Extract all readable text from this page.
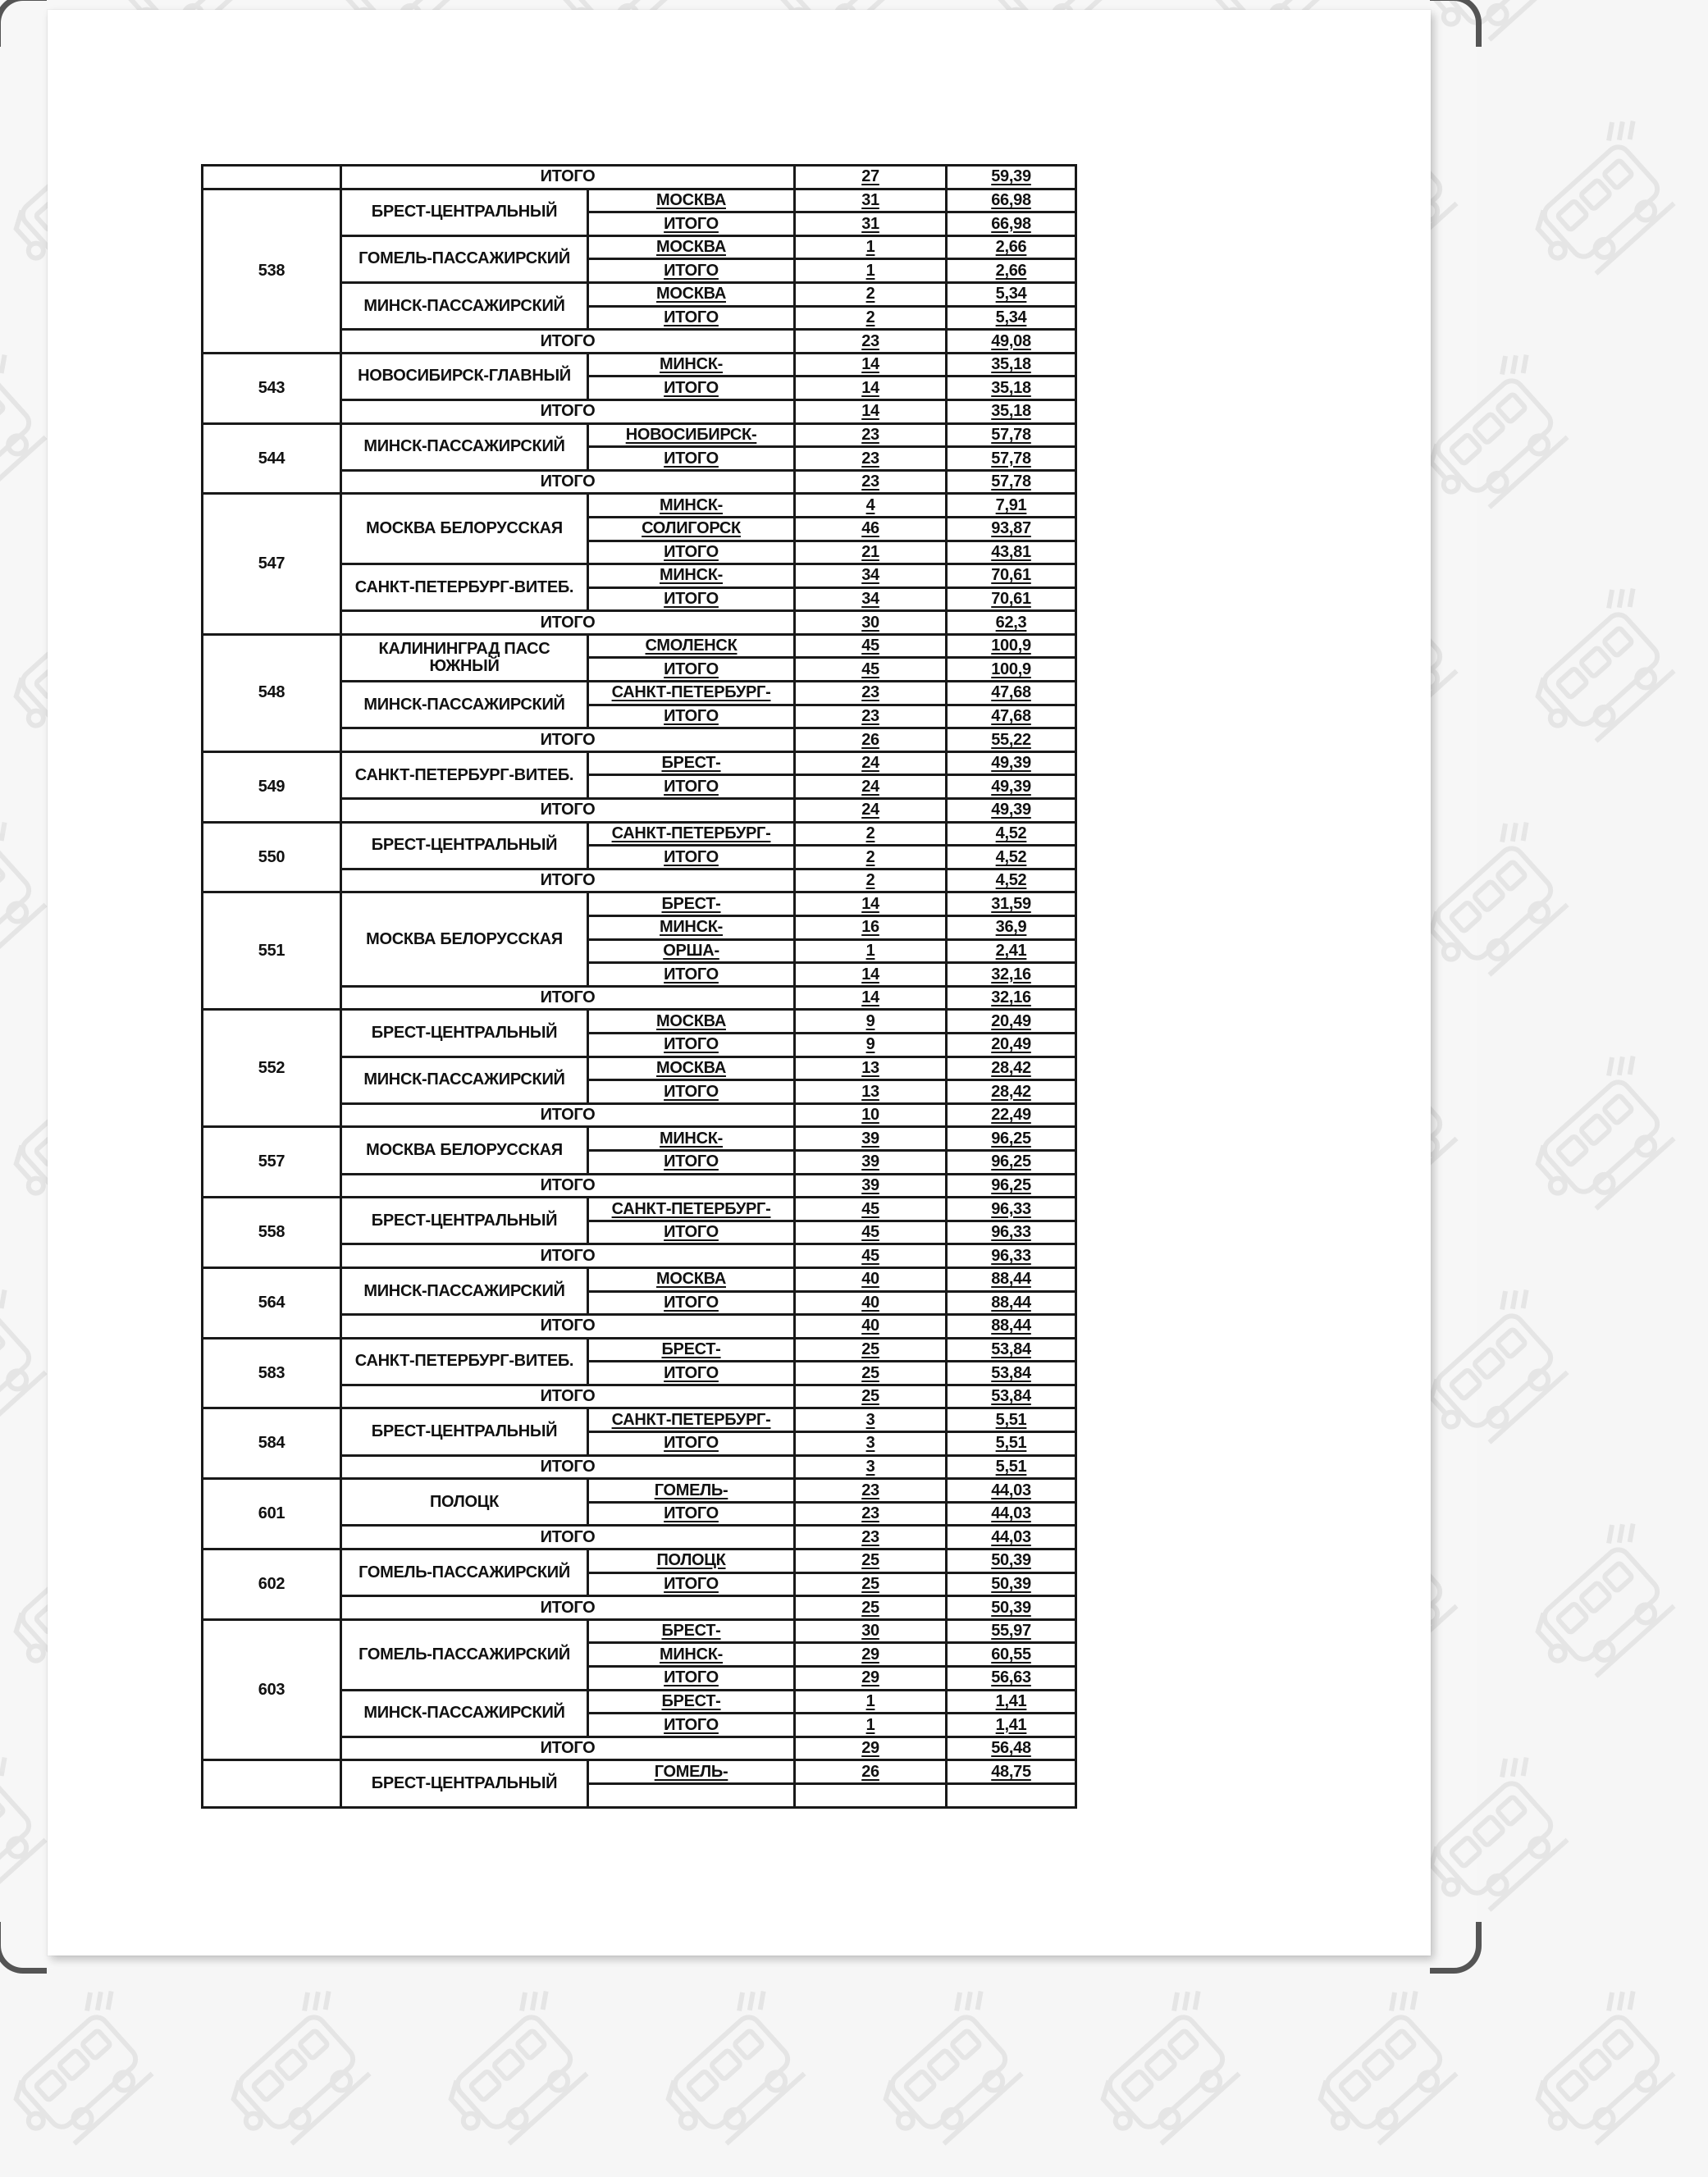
	ИТОГО		27	59,39
538	БРЕСТ-ЦЕНТРАЛЬНЫЙ	МОСКВА	31	66,98
		ИТОГО	31	66,98
	ГОМЕЛЬ-ПАССАЖИРСКИЙ	МОСКВА	1	2,66
		ИТОГО	1	2,66
	МИНСК-ПАССАЖИРСКИЙ	МОСКВА	2	5,34
		ИТОГО	2	5,34
	ИТОГО		23	49,08
543	НОВОСИБИРСК-ГЛАВНЫЙ	МИНСК-	14	35,18
		ИТОГО	14	35,18
	ИТОГО		14	35,18
544	МИНСК-ПАССАЖИРСКИЙ	НОВОСИБИРСК-	23	57,78
		ИТОГО	23	57,78
	ИТОГО		23	57,78
547	МОСКВА БЕЛОРУССКАЯ	МИНСК-	4	7,91
		СОЛИГОРСК	46	93,87
		ИТОГО	21	43,81
	САНКТ-ПЕТЕРБУРГ-ВИТЕБ.	МИНСК-	34	70,61
		ИТОГО	34	70,61
	ИТОГО		30	62,3
548	КАЛИНИНГРАД ПАСС ЮЖНЫЙ	СМОЛЕНСК	45	100,9
		ИТОГО	45	100,9
	МИНСК-ПАССАЖИРСКИЙ	САНКТ-ПЕТЕРБУРГ-	23	47,68
		ИТОГО	23	47,68
	ИТОГО		26	55,22
549	САНКТ-ПЕТЕРБУРГ-ВИТЕБ.	БРЕСТ-	24	49,39
		ИТОГО	24	49,39
	ИТОГО		24	49,39
550	БРЕСТ-ЦЕНТРАЛЬНЫЙ	САНКТ-ПЕТЕРБУРГ-	2	4,52
		ИТОГО	2	4,52
	ИТОГО		2	4,52
551	МОСКВА БЕЛОРУССКАЯ	БРЕСТ-	14	31,59
		МИНСК-	16	36,9
		ОРША-	1	2,41
		ИТОГО	14	32,16
	ИТОГО		14	32,16
552	БРЕСТ-ЦЕНТРАЛЬНЫЙ	МОСКВА	9	20,49
		ИТОГО	9	20,49
	МИНСК-ПАССАЖИРСКИЙ	МОСКВА	13	28,42
		ИТОГО	13	28,42
	ИТОГО		10	22,49
557	МОСКВА БЕЛОРУССКАЯ	МИНСК-	39	96,25
		ИТОГО	39	96,25
	ИТОГО		39	96,25
558	БРЕСТ-ЦЕНТРАЛЬНЫЙ	САНКТ-ПЕТЕРБУРГ-	45	96,33
		ИТОГО	45	96,33
	ИТОГО		45	96,33
564	МИНСК-ПАССАЖИРСКИЙ	МОСКВА	40	88,44
		ИТОГО	40	88,44
	ИТОГО		40	88,44
583	САНКТ-ПЕТЕРБУРГ-ВИТЕБ.	БРЕСТ-	25	53,84
		ИТОГО	25	53,84
	ИТОГО		25	53,84
584	БРЕСТ-ЦЕНТРАЛЬНЫЙ	САНКТ-ПЕТЕРБУРГ-	3	5,51
		ИТОГО	3	5,51
	ИТОГО		3	5,51
601	ПОЛОЦК	ГОМЕЛЬ-	23	44,03
		ИТОГО	23	44,03
	ИТОГО		23	44,03
602	ГОМЕЛЬ-ПАССАЖИРСКИЙ	ПОЛОЦК	25	50,39
		ИТОГО	25	50,39
	ИТОГО		25	50,39
603	ГОМЕЛЬ-ПАССАЖИРСКИЙ	БРЕСТ-	30	55,97
		МИНСК-	29	60,55
		ИТОГО	29	56,63
	МИНСК-ПАССАЖИРСКИЙ	БРЕСТ-	1	1,41
		ИТОГО	1	1,41
	ИТОГО		29	56,48
	БРЕСТ-ЦЕНТРАЛЬНЫЙ	ГОМЕЛЬ-	26	48,75
